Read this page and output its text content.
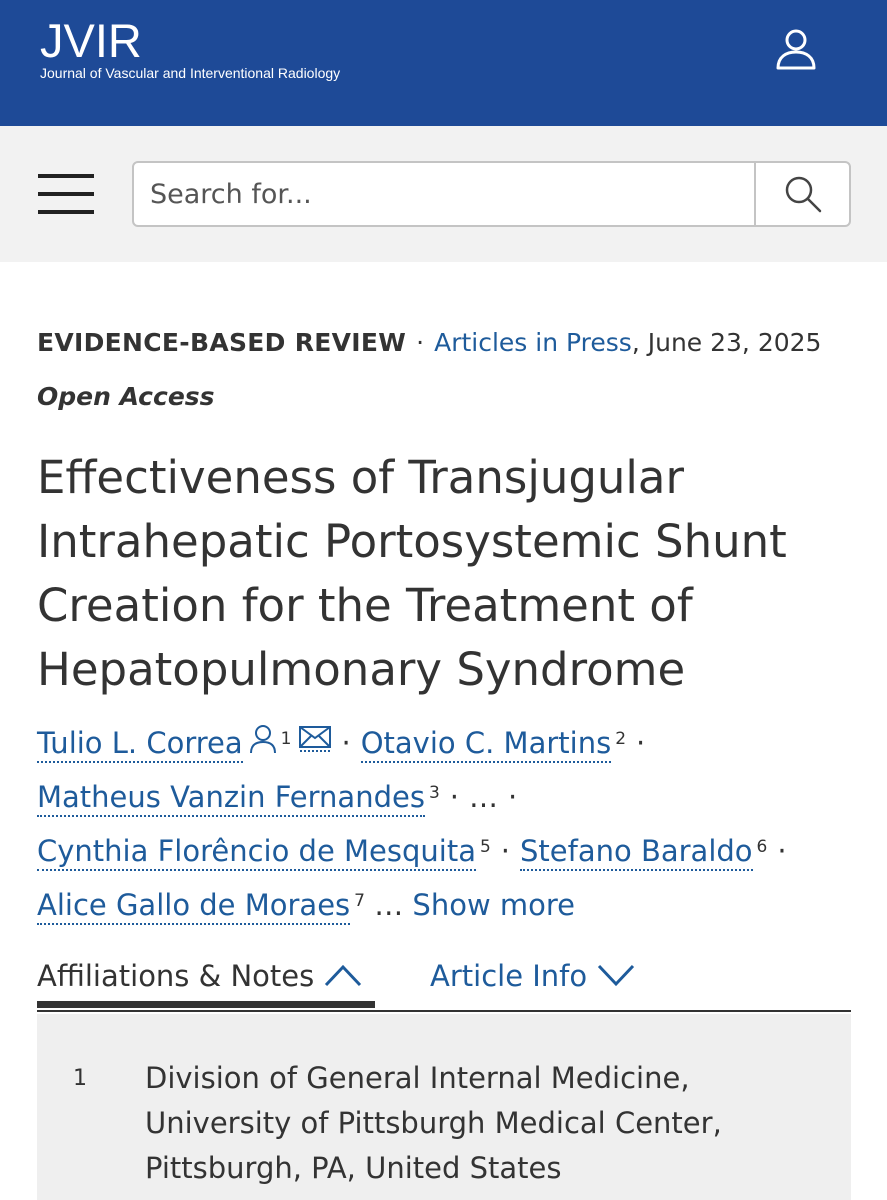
JVIR
Journal of Vascular and Interventional Radiology
Search for...
EVIDENCE-BASED REVIEW · Articles in Press, June 23, 2025
Open Access
Effectiveness of Transjugular Intrahepatic Portosystemic Shunt Creation for the Treatment of Hepatopulmonary Syndrome
Tulio L. Correa $^1$ · Otavio C. Martins $^2$ ·
Matheus Vanzin Fernandes $^3$ · … ·
Cynthia Florêncio de Mesquita $^5$ · Stefano Baraldo $^6$ ·
Alice Gallo de Moraes $^7$ … Show more
Affiliations & Notes	Article Info
1 Division of General Internal Medicine, University of Pittsburgh Medical Center, Pittsburgh, PA, United States
